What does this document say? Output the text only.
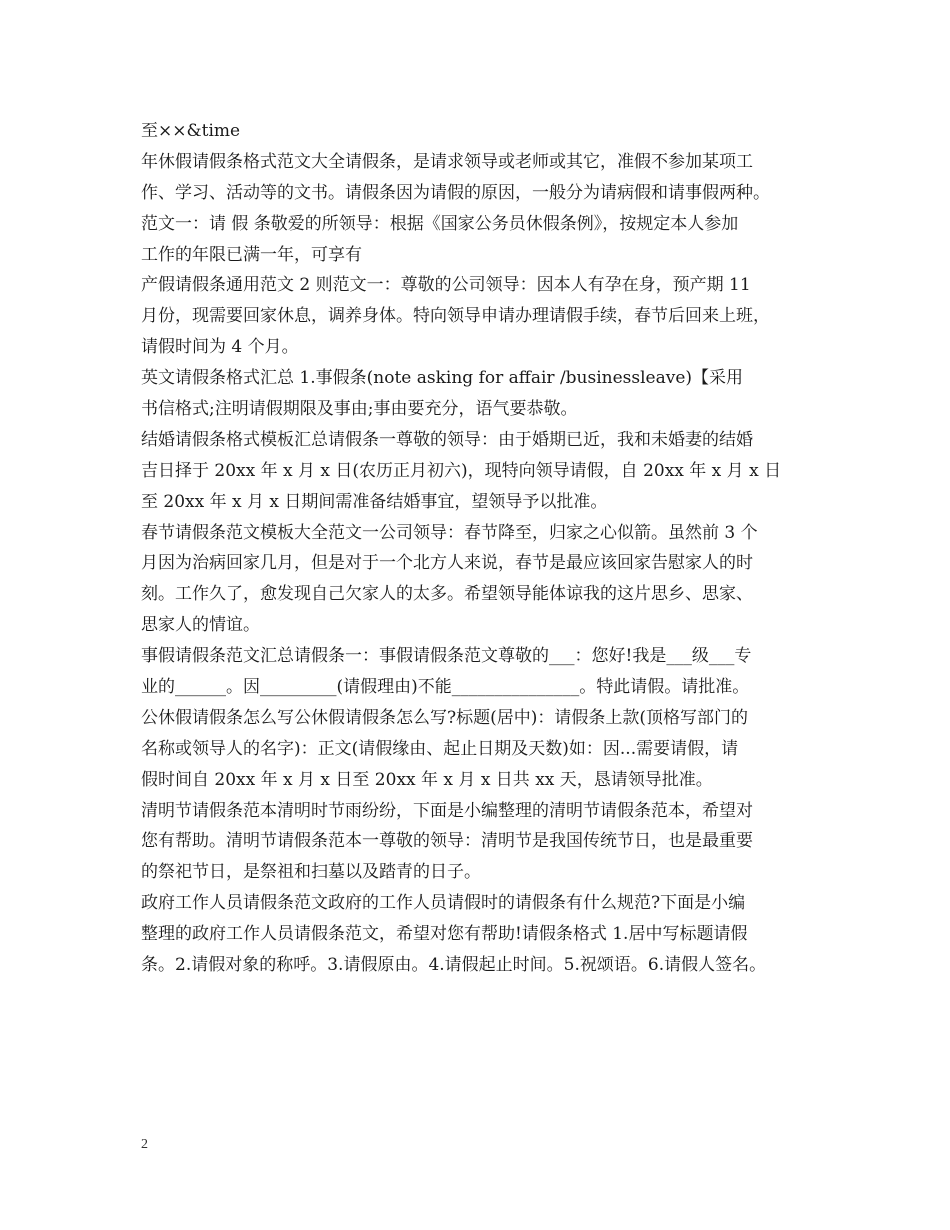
至××&time
年休假请假条格式范文大全请假条，是请求领导或老师或其它，准假不参加某项工
作、学习、活动等的文书。请假条因为请假的原因，一般分为请病假和请事假两种。
范文一：请 假 条敬爱的所领导：根据《国家公务员休假条例》，按规定本人参加
工作的年限已满一年，可享有
产假请假条通用范文 2 则范文一：尊敬的公司领导：因本人有孕在身，预产期 11
月份，现需要回家休息，调养身体。特向领导申请办理请假手续，春节后回来上班，
请假时间为 4 个月。
英文请假条格式汇总 1.事假条(note asking for affair /businessleave)【采用
书信格式;注明请假期限及事由;事由要充分，语气要恭敬。
结婚请假条格式模板汇总请假条一尊敬的领导：由于婚期已近，我和未婚妻的结婚
吉日择于 20xx 年 x 月 x 日(农历正月初六)，现特向领导请假，自 20xx 年 x 月 x 日
至 20xx 年 x 月 x 日期间需准备结婚事宜，望领导予以批准。
春节请假条范文模板大全范文一公司领导：春节降至，归家之心似箭。虽然前 3 个
月因为治病回家几月，但是对于一个北方人来说，春节是最应该回家告慰家人的时
刻。工作久了，愈发现自己欠家人的太多。希望领导能体谅我的这片思乡、思家、
思家人的情谊。
事假请假条范文汇总请假条一：事假请假条范文尊敬的___：您好!我是___级___专
业的______。因_________(请假理由)不能_______________。特此请假。请批准。
公休假请假条怎么写公休假请假条怎么写?标题(居中)：请假条上款(顶格写部门的
名称或领导人的名字)：正文(请假缘由、起止日期及天数)如：因...需要请假，请
假时间自 20xx 年 x 月 x 日至 20xx 年 x 月 x 日共 xx 天，恳请领导批准。
清明节请假条范本清明时节雨纷纷，下面是小编整理的清明节请假条范本，希望对
您有帮助。清明节请假条范本一尊敬的领导：清明节是我国传统节日，也是最重要
的祭祀节日，是祭祖和扫墓以及踏青的日子。
政府工作人员请假条范文政府的工作人员请假时的请假条有什么规范?下面是小编
整理的政府工作人员请假条范文，希望对您有帮助!请假条格式 1.居中写标题请假
条。2.请假对象的称呼。3.请假原由。4.请假起止时间。5.祝颂语。6.请假人签名。
2
